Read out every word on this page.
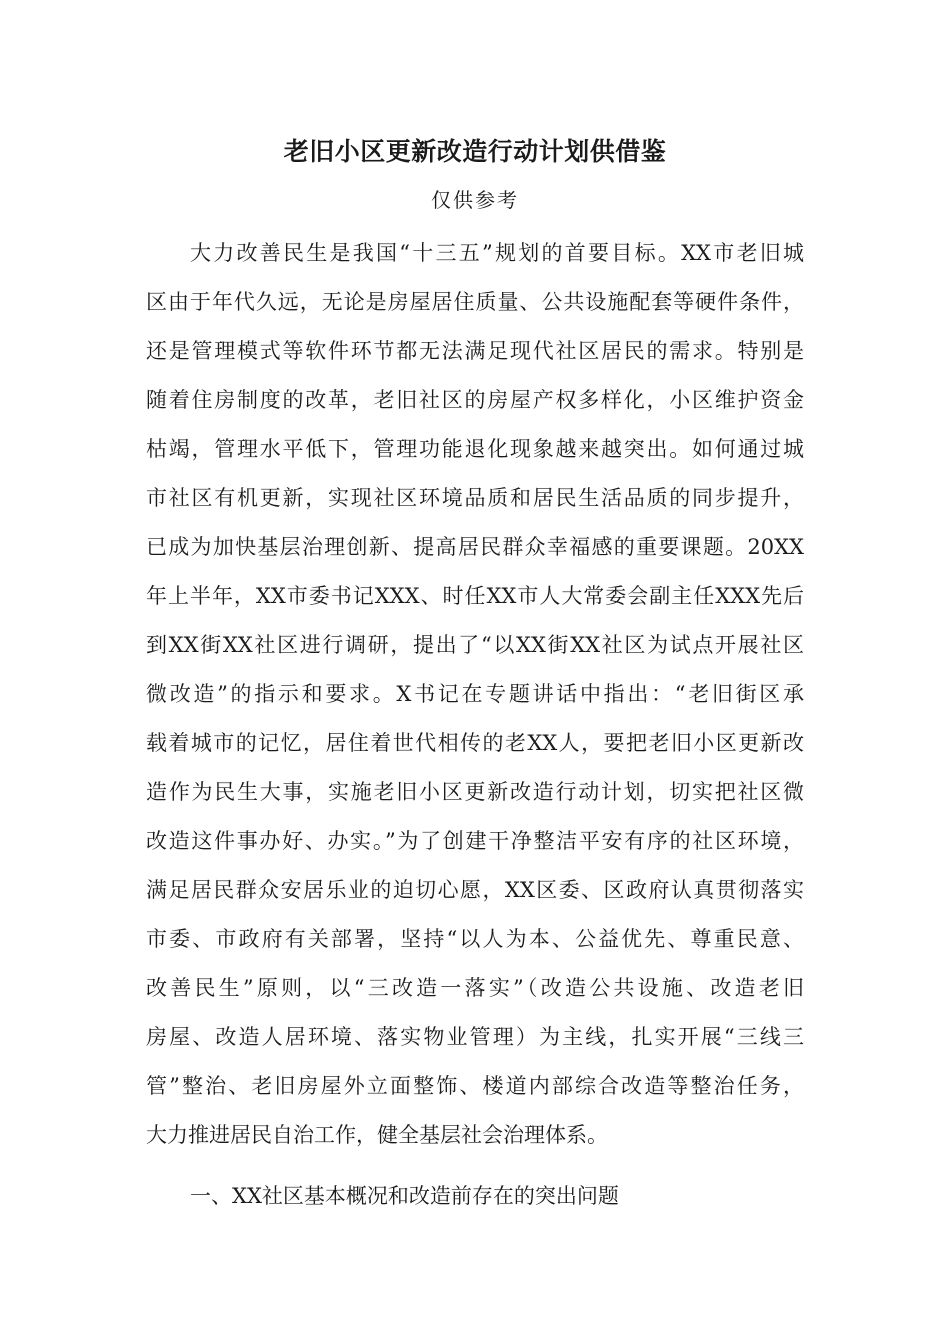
老旧小区更新改造行动计划供借鉴
仅供参考
大力改善民生是我国“十三五”规划的首要目标。XX市老旧城
区由于年代久远，无论是房屋居住质量、公共设施配套等硬件条件，
还是管理模式等软件环节都无法满足现代社区居民的需求。特别是
随着住房制度的改革，老旧社区的房屋产权多样化，小区维护资金
枯竭，管理水平低下，管理功能退化现象越来越突出。如何通过城
市社区有机更新，实现社区环境品质和居民生活品质的同步提升，
已成为加快基层治理创新、提高居民群众幸福感的重要课题。20XX
年上半年，XX市委书记XXX、时任XX市人大常委会副主任XXX先后
到XX街XX社区进行调研，提出了“以XX街XX社区为试点开展社区
微改造”的指示和要求。X书记在专题讲话中指出：“老旧街区承
载着城市的记忆，居住着世代相传的老XX人，要把老旧小区更新改
造作为民生大事，实施老旧小区更新改造行动计划，切实把社区微
改造这件事办好、办实。”为了创建干净整洁平安有序的社区环境，
满足居民群众安居乐业的迫切心愿，XX区委、区政府认真贯彻落实
市委、市政府有关部署，坚持“以人为本、公益优先、尊重民意、
改善民生”原则，以“三改造一落实”（改造公共设施、改造老旧
房屋、改造人居环境、落实物业管理）为主线，扎实开展“三线三
管”整治、老旧房屋外立面整饰、楼道内部综合改造等整治任务，
大力推进居民自治工作，健全基层社会治理体系。
一、XX社区基本概况和改造前存在的突出问题
